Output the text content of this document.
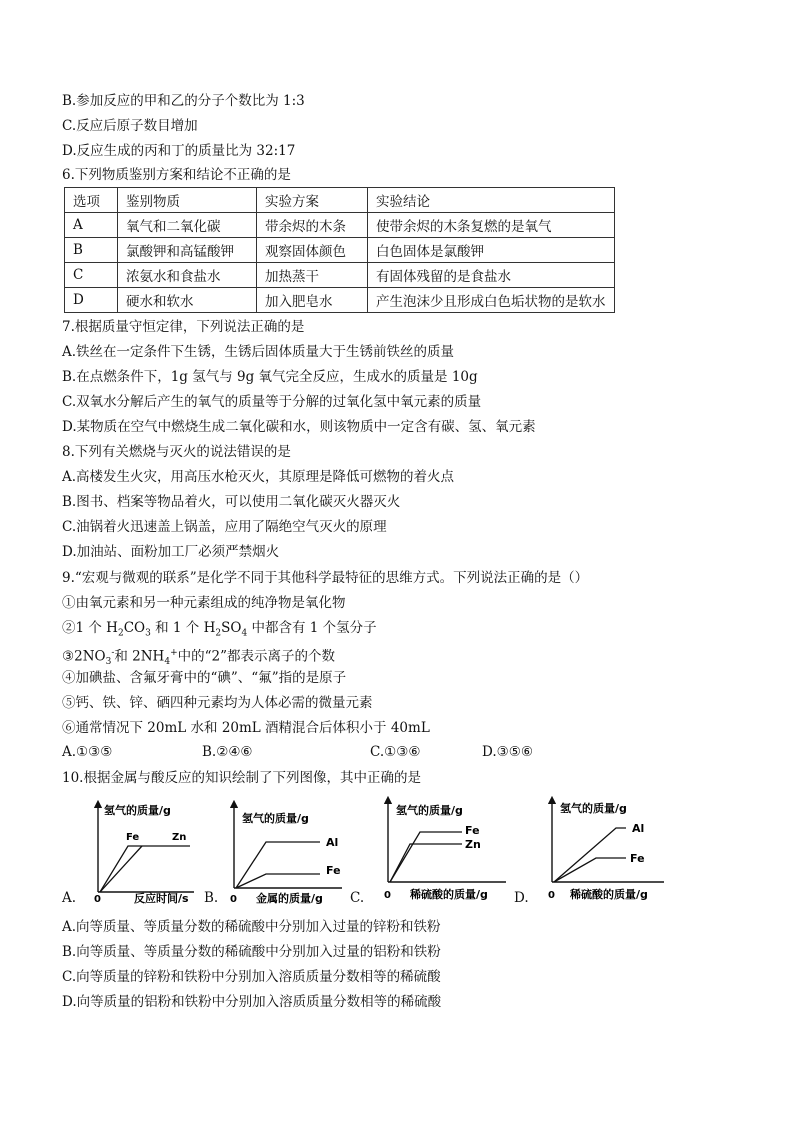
B.参加反应的甲和乙的分子个数比为 1:3
C.反应后原子数目增加
D.反应生成的丙和丁的质量比为 32:17
6.下列物质鉴别方案和结论不正确的是
选项	鉴别物质	实验方案	实验结论
A	氧气和二氧化碳	带余烬的木条	使带余烬的木条复燃的是氧气
B	氯酸钾和高锰酸钾	观察固体颜色	白色固体是氯酸钾
C	浓氨水和食盐水	加热蒸干	有固体残留的是食盐水
D	硬水和软水	加入肥皂水	产生泡沫少且形成白色垢状物的是软水
7.根据质量守恒定律，下列说法正确的是
A.铁丝在一定条件下生锈，生锈后固体质量大于生锈前铁丝的质量
B.在点燃条件下，1g 氢气与 9g 氧气完全反应，生成水的质量是 10g
C.双氧水分解后产生的氧气的质量等于分解的过氧化氢中氧元素的质量
D.某物质在空气中燃烧生成二氧化碳和水，则该物质中一定含有碳、氢、氧元素
8.下列有关燃烧与灭火的说法错误的是
A.高楼发生火灾，用高压水枪灭火，其原理是降低可燃物的着火点
B.图书、档案等物品着火，可以使用二氧化碳灭火器灭火
C.油锅着火迅速盖上锅盖，应用了隔绝空气灭火的原理
D.加油站、面粉加工厂必须严禁烟火
9.“宏观与微观的联系”是化学不同于其他科学最特征的思维方式。下列说法正确的是（）
①由氧元素和另一种元素组成的纯净物是氧化物
②1 个 $H_2CO_3$ 和 1 个 $H_2SO_4$ 中都含有 1 个氢分子
$③2NO_3^-$和 $2NH_4^+$中的“2”都表示离子的个数
④加碘盐、含氟牙膏中的“碘”、“氟”指的是原子
⑤钙、铁、锌、硒四种元素均为人体必需的微量元素
⑥通常情况下 20mL 水和 20mL 酒精混合后体积小于 40mL
A.①③⑤	B.②④⑥	C.①③⑥	D.③⑤⑥
10.根据金属与酸反应的知识绘制了下列图像，其中正确的是
A.
氢气的质量/g
Fe	Zn
0	反应时间/s B.
氢气的质量/g
Al
Fe
0 金属的质量/g C.
氢气的质量/g
Fe
Zn
0 稀硫酸的质量/g D.
氢气的质量/g
Al
Fe
0 稀硫酸的质量/g
A.向等质量、等质量分数的稀硫酸中分别加入过量的锌粉和铁粉
B.向等质量、等质量分数的稀硫酸中分别加入过量的铝粉和铁粉
C.向等质量的锌粉和铁粉中分别加入溶质质量分数相等的稀硫酸
D.向等质量的铝粉和铁粉中分别加入溶质质量分数相等的稀硫酸
